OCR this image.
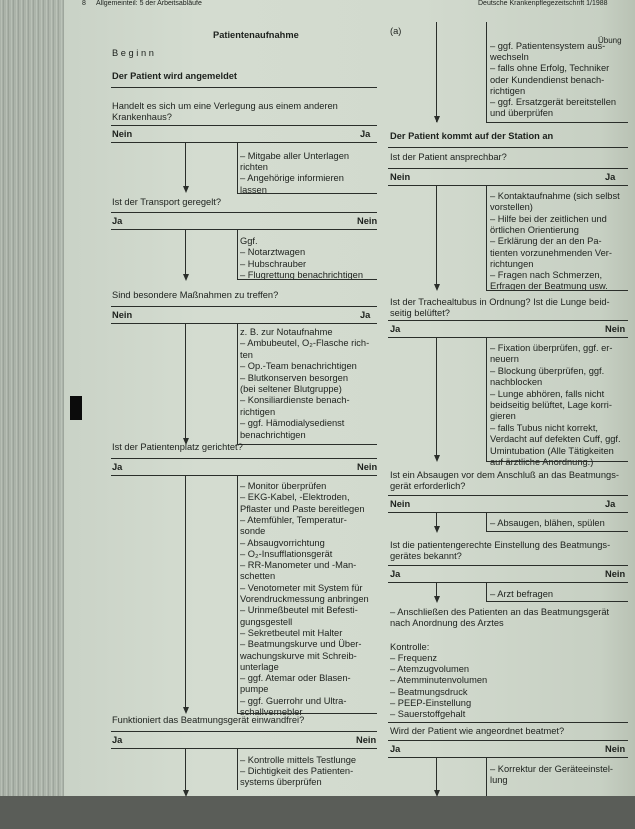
8 Allgemeinteil: 5 der Arbeitsabläufe	Deutsche Krankenpflegezeitschrift 1/1988
Patientenaufnahme
B e g i n n
Der Patient wird angemeldet
Handelt es sich um eine Verlegung aus einem anderen
Krankenhaus?
Nein	Ja
– Mitgabe aller Unterlagen
richten
– Angehörige informieren
lassen
Ist der Transport geregelt?
Ja	Nein
Ggf.
– Notarztwagen
– Hubschrauber
– Flugrettung benachrichtigen
Sind besondere Maßnahmen zu treffen?
Nein	Ja
z. B. zur Notaufnahme
– Ambubeutel, O₂-Flasche rich-
ten
– Op.-Team benachrichtigen
– Blutkonserven besorgen
(bei seltener Blutgruppe)
– Konsiliardienste benach-
richtigen
– ggf. Hämodialysedienst
benachrichtigen
Ist der Patientenplatz gerichtet?
Ja	Nein
– Monitor überprüfen
– EKG-Kabel, -Elektroden,
Pflaster und Paste bereitlegen
– Atemfühler, Temperatur-
sonde
– Absaugvorrichtung
– O₂-Insufflationsgerät
– RR-Manometer und -Man-
schetten
– Venotometer mit System für
Vorendruckmessung anbringen
– Urinmeßbeutel mit Befesti-
gungsgestell
– Sekretbeutel mit Halter
– Beatmungskurve und Über-
wachungskurve mit Schreib-
unterlage
– ggf. Atemar oder Blasen-
pumpe
– ggf. Guerrohr und Ultra-
schallvernebler
Funktioniert das Beatmungsgerät einwandfrei?
Ja	Nein
– Kontrolle mittels Testlunge
– Dichtigkeit des Patienten-
systems überprüfen
(a)
Übung
– ggf. Patientensystem aus-
wechseln
– falls ohne Erfolg, Techniker
oder Kundendienst benach-
richtigen
– ggf. Ersatzgerät bereitstellen
und überprüfen
Der Patient kommt auf der Station an
Ist der Patient ansprechbar?
Nein	Ja
– Kontaktaufnahme (sich selbst
vorstellen)
– Hilfe bei der zeitlichen und
örtlichen Orientierung
– Erklärung der an den Pa-
tienten vorzunehmenden Ver-
richtungen
– Fragen nach Schmerzen,
Erfragen der Beatmung usw.
Ist der Trachealtubus in Ordnung? Ist die Lunge beid-
seitig belüftet?
Ja	Nein
– Fixation überprüfen, ggf. er-
neuern
– Blockung überprüfen, ggf.
nachblocken
– Lunge abhören, falls nicht
beidseitig belüftet, Lage korri-
gieren
– falls Tubus nicht korrekt,
Verdacht auf defekten Cuff, ggf.
Umintubation (Alle Tätigkeiten
auf ärztliche Anordnung.)
Ist ein Absaugen vor dem Anschluß an das Beatmungs-
gerät erforderlich?
Nein	Ja
– Absaugen, blähen, spülen
Ist die patientengerechte Einstellung des Beatmungs-
gerätes bekannt?
Ja	Nein
– Arzt befragen
– Anschließen des Patienten an das Beatmungsgerät
nach Anordnung des Arztes
Kontrolle:
– Frequenz
– Atemzugvolumen
– Atemminutenvolumen
– Beatmungsdruck
– PEEP-Einstellung
– Sauerstoffgehalt
Wird der Patient wie angeordnet beatmet?
Ja	Nein
– Korrektur der Geräteeinstel-
lung
